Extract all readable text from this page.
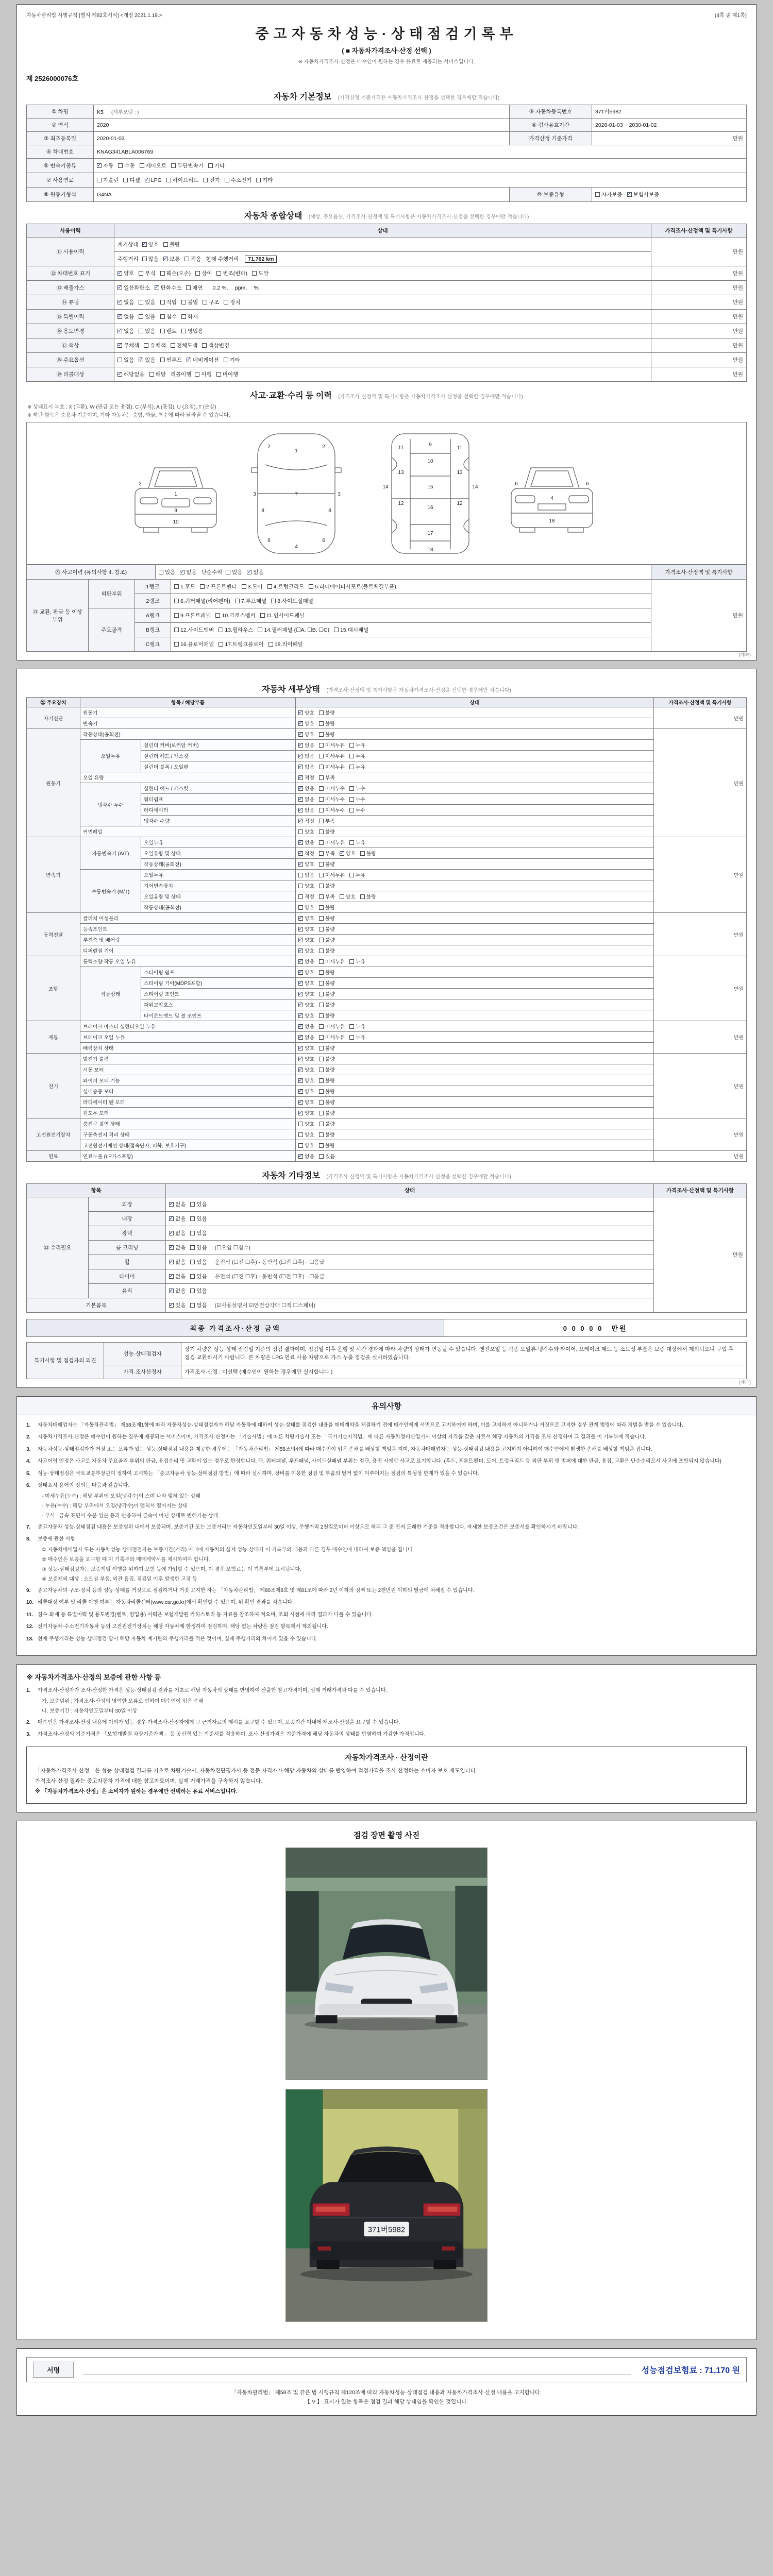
자동차관리법 시행규칙 [별지 제82호서식] <개정 2021.1.19.>	(4쪽 중 제1쪽)
중고자동차성능·상태점검기록부
( ■ 자동차가격조사·산정 선택 )
※ 자동차가격조사·산정은 매수인이 원하는 경우 유료로 제공되는 서비스입니다.
제 2526000076호
자동차 기본정보 (가격산정 기준가격은 자동차가격조사·산정을 선택한 경우에만 적습니다)
① 차명	K5 (세부모델 : )	⑨ 자동차등록번호	371버5982
② 연식	2020	⑥ 검사유효기간	2028-01-03 ~ 2030-01-02
③ 최초등록일	2020-01-03	가격산정 기준가격	만원
④ 차대번호	KNAG341ABLA006769		
⑤ 변속기종류	✓자동 수동 세미오토 무단변속기 기타
⑦ 사용연료	가솔린 디젤 ✓ LPG 하이브리드 전기 수소전기 기타
⑧ 원동기형식	G4NA	⑩ 보증유형	자가보증 ✓ 보험사보증
자동차 종합상태 (색상, 주요옵션, 가격조사·산정액 및 특기사항은 자동차가격조사·산정을 선택한 경우에만 적습니다)
사용이력	상태	가격조사·산정액 및 특기사항
⑪ 사용이력	계기상태 ✓ 양호 불량	만원
	주행거리 많음 ✓ 보통 적음 현재 주행거리 71,762 km
⑫ 차대번호 표기	✓양호 부식 훼손(오손) 상이 변조(변타) 도말	만원
⑬ 배출가스	✓일산화탄소 ✓ 탄화수소 매연 0.2 %,　 ppm,　 %	만원
⑭ 튜닝	✓없음 있음 적법 불법 구조 장치	만원
⑮ 특별이력	✓없음 있음 침수 화재	만원
⑯ 용도변경	✓없음 있음 렌트 영업용	만원
⑰ 색상	✓무채색 유채색 전체도색 색상변경	만원
⑱ 주요옵션	없음 ✓ 있음 썬루프 ✓ 네비게이션 기타	만원
⑲ 리콜대상	✓해당없음 해당 리콜이행 이행 미이행	만원
사고·교환·수리 등 이력 (가격조사·산정액 및 특기사항은 자동차가격조사·산정을 선택한 경우에만 적습니다)
※ 상태표시 부호 : X (교환), W (판금 또는 용접), C (부식), A (흠집), U (요철), T (손상)
※ 하단 항목은 승용차 기준이며, 기타 자동차는 승합, 화물, 특수에 따라 달라질 수 있습니다.
1
2
9
10
1
2	2
7
3	3
8	8
6	6
4
9
10
11	11
13	13
12	12
15
16
14	14
17
18
4
6	6
18
⑳ 사고이력 (유의사항 4. 참조)	있음 ✓ 없음 단순수리 있음 ✓ 없음	가격조사·산정액 및 특기사항
㉑ 교환, 판금 등 이상 부위	외판부위	1랭크	1.후드 2.프론트펜더 3.도어 4.트렁크리드 5.라디에이터서포트(볼트체결부품)	만원
		2랭크	6.쿼터패널(리어펜더) 7.루프패널 8.사이드실패널	
	주요골격	A랭크	9.프론트패널 10.크로스멤버 11.인사이드패널	
		B랭크	12.사이드멤버 13.휠하우스 14.필러패널 (☐A, ☐B, ☐C) 15.대시패널	
		C랭크	16.플로어패널 17.트렁크플로어 18.리어패널	
(계속)
자동차 세부상태 (가격조사·산정액 및 특기사항은 자동차가격조사·산정을 선택한 경우에만 적습니다)
㉒ 주요장치	항목 / 해당부품		상태	가격조사·산정액 및 특기사항
자기진단	원동기	✓양호 불량	만원
	변속기	✓양호 불량
원동기	작동상태(공회전)	✓양호 불량	만원
	오일누유	실린더 커버(로커암 커버)	✓없음 미세누유 누유
		실린더 헤드 / 개스킷	✓없음 미세누유 누유
		실린더 블록 / 오일팬	✓없음 미세누유 누유
	오일 유량	✓적정 부족
	냉각수 누수	실린더 헤드 / 개스킷	✓없음 미세누수 누수
		워터펌프	✓없음 미세누수 누수
		라디에이터	✓없음 미세누수 누수
		냉각수 수량	✓적정 부족
	커먼레일		양호 불량	
변속기	자동변속기 (A/T)	오일누유	✓없음 미세누유 누유	만원
		오일유량 및 상태	✓적정 부족 ✓ 양호 불량
		작동상태(공회전)	✓양호 불량
	수동변속기 (M/T)	오일누유	없음 미세누유 누유	
		기어변속장치	양호 불량	
		오일유량 및 상태	적정 부족 양호 불량	
		작동상태(공회전)	양호 불량	
동력전달	클러치 어셈블리	✓양호 불량	만원
	등속조인트	✓양호 불량
	추진축 및 베어링	✓양호 불량
	디퍼렌셜 기어	✓양호 불량
조향	동력조향 작동 오일 누유	✓없음 미세누유 누유	만원
	작동상태	스티어링 펌프	✓양호 불량
		스티어링 기어(MDPS포함)	✓양호 불량
		스티어링 조인트	✓양호 불량
		파워고압호스	✓양호 불량
		타이로드엔드 및 볼 조인트	✓양호 불량
제동	브레이크 마스터 실린더오일 누유	✓없음 미세누유 누유	만원
	브레이크 오일 누유	✓없음 미세누유 누유
	배력장치 상태	✓양호 불량
전기	발전기 출력	✓양호 불량	만원
	시동 모터	✓양호 불량
	와이퍼 모터 기능	✓양호 불량
	실내송풍 모터	✓양호 불량
	라디에이터 팬 모터	✓양호 불량
	윈도우 모터	✓양호 불량
고전원전기장치	충전구 절연 상태		양호 불량	만원
	구동축전지 격리 상태		양호 불량	
	고전원전기배선 상태(접속단자, 피복, 보호기구)		양호 불량	
연료	연료누출 (LP가스포함)	✓없음 있음	만원
자동차 기타정보 (가격조사·산정액 및 특기사항은 자동차가격조사·산정을 선택한 경우에만 적습니다)
항목		상태	가격조사·산정액 및 특기사항
㉓ 수리필요	외장	✓없음 있음	만원
	내장	✓없음 있음
	광택	✓없음 있음
	룸 크리닝	✓없음 있음 (☐오염 ☐침수)
	휠	✓없음 있음 운전석 (☐전 ☐후) · 동반석 (☐전 ☐후) · ☐응급
	타이어	✓없음 있음 운전석 (☐전 ☐후) · 동반석 (☐전 ☐후) · ☐응급
	유리	✓없음 있음
기본품목	✓있음 없음 (☑사용설명서 ☑안전삼각대 ☐잭 ☐스패너)
최종 가격조사·산정 금액	0 0 0 0 0　 만원
특기사항 및 점검자의 의견	성능·상태점검자	상기 차량은 성능·상태 점검일 기준의 점검 결과이며, 점검일 이후 운행 및 시간 경과에 따라 차량의 상태가 변동될 수 있습니다. 엔진오일 등 각종 오일류·냉각수와 타이어, 브레이크 패드 등 소모성 부품은 보증 대상에서 제외되오니 구입 후 점검·교환하시기 바랍니다. 본 차량은 LPG 연료 사용 차량으로 가스 누출 점검을 실시하였습니다.
	가격·조사산정자	가격조사·산정 : 미선택 (매수인이 원하는 경우에만 실시합니다.)
(계속)
유의사항
1.	자동차매매업자는 「자동차관리법」 제58조제1항에 따라 자동차성능·상태점검자가 해당 자동차에 대하여 성능·상태를 점검한 내용을 매매계약을 체결하기 전에 매수인에게 서면으로 고지하여야 하며, 이를 고지하지 아니하거나 거짓으로 고지한 경우 관계 법령에 따라 처벌을 받을 수 있습니다.
2.	자동차가격조사·산정은 매수인이 원하는 경우에 제공되는 서비스이며, 가격조사·산정자는 「기술사법」에 따른 차량기술사 또는 「국가기술자격법」에 따른 자동차정비산업기사 이상의 자격을 갖춘 자로서 해당 자동차의 가격을 조사·산정하여 그 결과를 이 기록부에 적습니다.
3.	자동차성능·상태점검자가 거짓 또는 오류가 있는 성능·상태점검 내용을 제공한 경우에는 「자동차관리법」 제58조의4에 따라 매수인이 입은 손해를 배상할 책임을 지며, 자동차매매업자는 성능·상태점검 내용을 고지하지 아니하여 매수인에게 발생한 손해를 배상할 책임을 집니다.
4.	사고이력 인정은 사고로 자동차 주요골격 부위의 판금, 용접수리 및 교환이 있는 경우로 한정합니다. 단, 쿼터패널, 루프패널, 사이드실패널 부위는 절단, 용접 시에만 사고로 표기합니다. (후드, 프론트펜더, 도어, 트렁크리드 등 외판 부위 및 범퍼에 대한 판금, 용접, 교환은 단순수리로서 사고에 포함되지 않습니다)
5.	성능·상태점검은 국토교통부장관이 정하여 고시하는 「중고자동차 성능·상태점검 방법」에 따라 실시하며, 장비를 이용한 점검 및 부품의 탈거 없이 이루어지는 점검의 특성상 한계가 있을 수 있습니다.
6.	상태표시 용어의 정의는 다음과 같습니다.
- 미세누유(누수) : 해당 부위에 오일(냉각수)이 스며 나와 맺혀 있는 상태
- 누유(누수) : 해당 부위에서 오일(냉각수)이 맺혀서 떨어지는 상태
- 부식 : 금속 표면이 수분·염분 등과 반응하여 금속이 아닌 상태로 변해가는 상태
7.	중고자동차 성능·상태점검 내용은 보증범위 내에서 보증되며, 보증기간 또는 보증거리는 자동차인도일부터 30일 이상, 주행거리 2천킬로미터 이상으로 하되 그 중 먼저 도래한 기준을 적용합니다. 자세한 보증조건은 보증서를 확인하시기 바랍니다.
8.	보증에 관한 사항
① 자동차매매업자 또는 자동차성능·상태점검자는 보증기간(거리) 이내에 자동차의 실제 성능·상태가 이 기록부의 내용과 다른 경우 매수인에 대하여 보증 책임을 집니다.
② 매수인은 보증을 요구할 때 이 기록부와 매매계약서를 제시하여야 합니다.
③ 성능·상태점검자는 보증책임 이행을 위하여 보험 등에 가입할 수 있으며, 이 경우 보험료는 이 기록부에 표시됩니다.
④ 보증제외 대상 : 소모성 부품, 외관 흠집, 점검일 이후 발생한 고장 등
9.	중고자동차의 구조·장치 등의 성능·상태를 거짓으로 점검하거나 거짓 고지한 자는 「자동차관리법」 제80조제6호 및 제81조에 따라 2년 이하의 징역 또는 2천만원 이하의 벌금에 처해질 수 있습니다.
10. 리콜대상 여부 및 리콜 이행 여부는 자동차리콜센터(www.car.go.kr)에서 확인할 수 있으며, 위 확인 결과를 적습니다.
11. 침수·화재 등 특별이력 및 용도변경(렌트, 영업용) 이력은 보험개발원 카히스토리 등 자료를 참조하여 적으며, 조회 시점에 따라 결과가 다를 수 있습니다.
12. 전기자동차·수소전기자동차 등의 고전원전기장치는 해당 자동차에 한정하여 점검하며, 해당 없는 차량은 점검 항목에서 제외됩니다.
13. 현재 주행거리는 성능·상태점검 당시 해당 자동차 계기판의 주행거리를 적은 것이며, 실제 주행거리와 차이가 있을 수 있습니다.
※ 자동차가격조사·산정의 보증에 관한 사항 등
1.	가격조사·산정자가 조사·산정한 가격은 성능·상태점검 결과를 기초로 해당 자동차의 상태를 반영하여 산출한 참고가격이며, 실제 거래가격과 다를 수 있습니다.
가. 보증범위 : 가격조사·산정의 명백한 오류로 인하여 매수인이 입은 손해
나. 보증기간 : 자동차인도일부터 30일 이상
2.	매수인은 가격조사·산정 내용에 이의가 있는 경우 가격조사·산정자에게 그 근거자료의 제시를 요구할 수 있으며, 보증기간 이내에 재조사·산정을 요구할 수 있습니다.
3.	가격조사·산정의 기준가격은 「보험개발원 차량기준가액」 등 공신력 있는 기준서를 적용하며, 조사·산정가격은 기준가격에 해당 자동차의 상태를 반영하여 가감한 가격입니다.
자동차가격조사 · 산정이란

「자동차가격조사·산정」은 성능·상태점검 결과를 기초로 차량기술사, 자동차진단평가사 등 전문 자격자가 해당 자동차의 상태를 반영하여 적정가격을 조사·산정하는 소비자 보호 제도입니다.

가격조사·산정 결과는 중고자동차 가격에 대한 참고자료이며, 실제 거래가격을 구속하지 않습니다.

※ 「자동차가격조사·산정」은 소비자가 원하는 경우에만 선택하는 유료 서비스입니다.

점검 장면 촬영 사진
371버5982
서명	성능점검보험료 : 71,170 원
「자동차관리법」 제58조 및 같은 법 시행규칙 제120조에 따라 자동차성능·상태점검 내용과 자동차가격조사·산정 내용을 고지합니다.
【 V 】 표시가 있는 항목은 점검 결과 해당 상태임을 확인한 것입니다.
